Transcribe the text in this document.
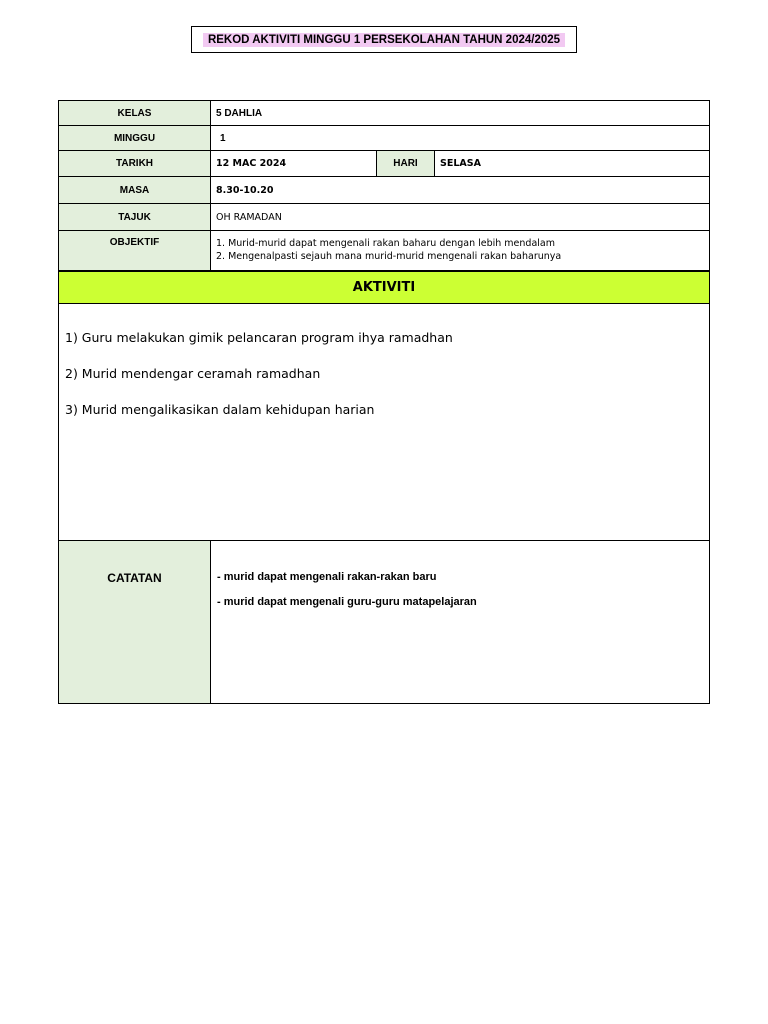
REKOD AKTIVITI MINGGU 1 PERSEKOLAHAN TAHUN 2024/2025
KELAS	5 DAHLIA
MINGGU	1
TARIKH	12 MAC 2024	HARI	SELASA
MASA	8.30-10.20
TAJUK	OH RAMADAN
OBJEKTIF	1. Murid-murid dapat mengenali rakan baharu dengan lebih mendalam
2. Mengenalpasti sejauh mana murid-murid mengenali rakan baharunya
AKTIVITI
1) Guru melakukan gimik pelancaran program ihya ramadhan
2) Murid mendengar ceramah ramadhan
3) Murid mengalikasikan dalam kehidupan harian
CATATAN	- murid dapat mengenali rakan-rakan baru
- murid dapat mengenali guru-guru matapelajaran
